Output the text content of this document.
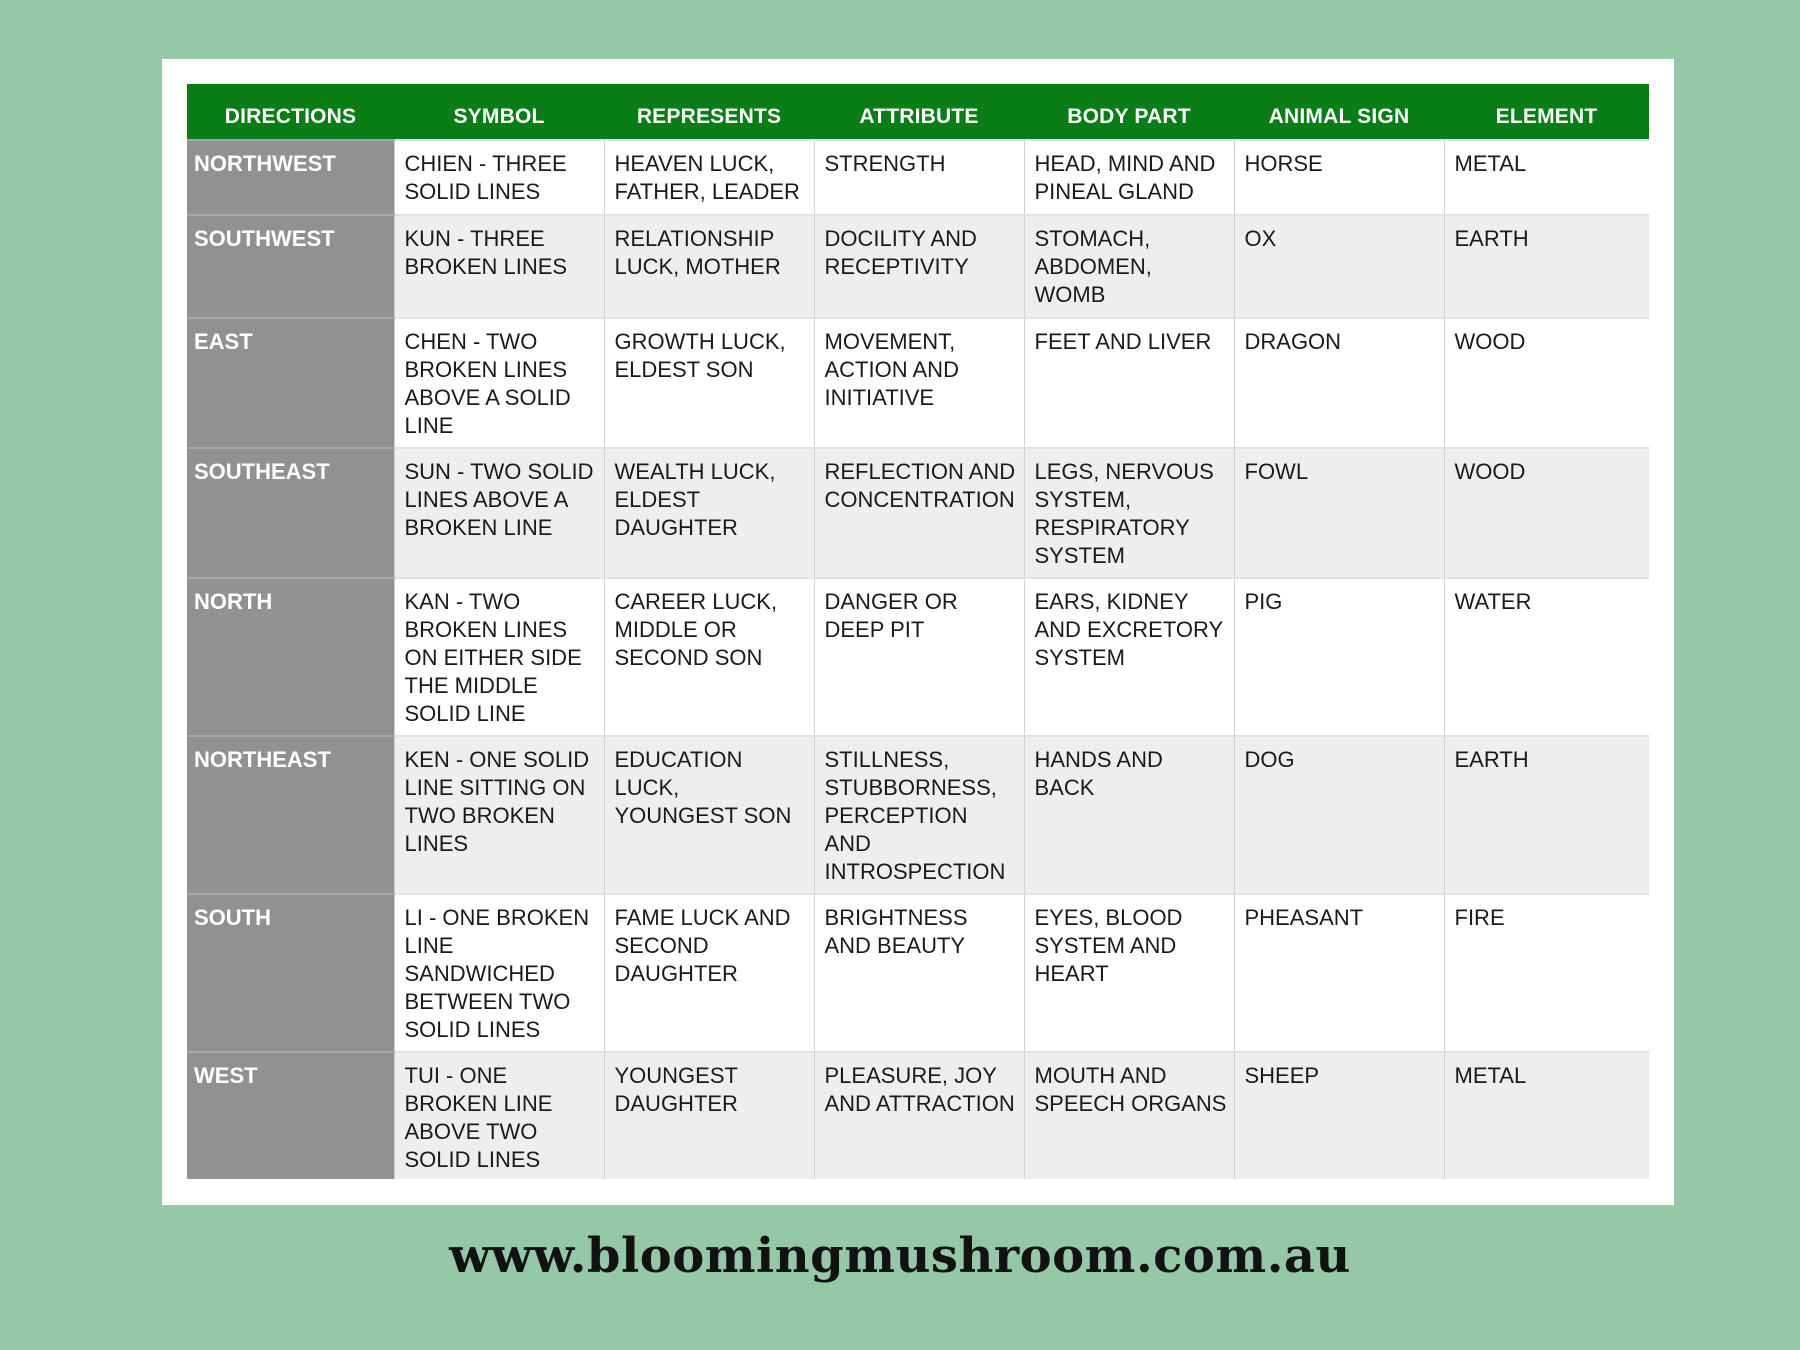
DIRECTIONS	SYMBOL	REPRESENTS	ATTRIBUTE	BODY PART	ANIMAL SIGN	ELEMENT
NORTHWEST	CHIEN - THREE SOLID LINES	HEAVEN LUCK, FATHER, LEADER	STRENGTH	HEAD, MIND AND PINEAL GLAND	HORSE	METAL
SOUTHWEST	KUN - THREE BROKEN LINES	RELATIONSHIP LUCK, MOTHER	DOCILITY AND RECEPTIVITY	STOMACH, ABDOMEN, WOMB	OX	EARTH
EAST	CHEN - TWO BROKEN LINES ABOVE A SOLID LINE	GROWTH LUCK, ELDEST SON	MOVEMENT, ACTION AND INITIATIVE	FEET AND LIVER	DRAGON	WOOD
SOUTHEAST	SUN - TWO SOLID LINES ABOVE A BROKEN LINE	WEALTH LUCK, ELDEST DAUGHTER	REFLECTION AND CONCENTRATION	LEGS, NERVOUS SYSTEM, RESPIRATORY SYSTEM	FOWL	WOOD
NORTH	KAN - TWO BROKEN LINES ON EITHER SIDE THE MIDDLE SOLID LINE	CAREER LUCK, MIDDLE OR SECOND SON	DANGER OR DEEP PIT	EARS, KIDNEY AND EXCRETORY SYSTEM	PIG	WATER
NORTHEAST	KEN - ONE SOLID LINE SITTING ON TWO BROKEN LINES	EDUCATION LUCK, YOUNGEST SON	STILLNESS, STUBBORNESS, PERCEPTION AND INTROSPECTION	HANDS AND BACK	DOG	EARTH
SOUTH	LI - ONE BROKEN LINE SANDWICHED BETWEEN TWO SOLID LINES	FAME LUCK AND SECOND DAUGHTER	BRIGHTNESS AND BEAUTY	EYES, BLOOD SYSTEM AND HEART	PHEASANT	FIRE
WEST	TUI - ONE BROKEN LINE ABOVE TWO SOLID LINES	YOUNGEST DAUGHTER	PLEASURE, JOY AND ATTRACTION	MOUTH AND SPEECH ORGANS	SHEEP	METAL
www.bloomingmushroom.com.au
